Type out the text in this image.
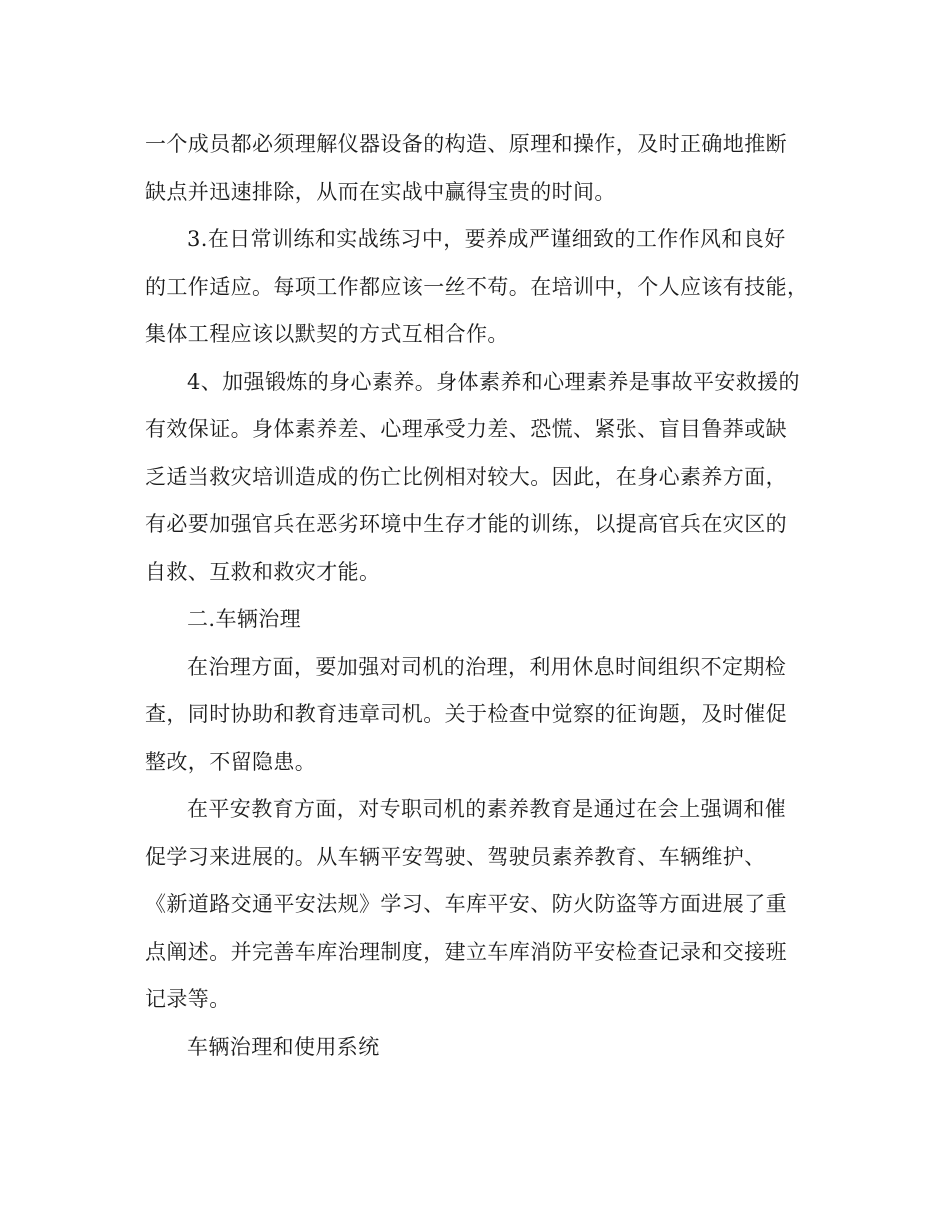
一个成员都必须理解仪器设备的构造、原理和操作，及时正确地推断
缺点并迅速排除，从而在实战中赢得宝贵的时间。
3.在日常训练和实战练习中，要养成严谨细致的工作作风和良好
的工作适应。每项工作都应该一丝不苟。在培训中，个人应该有技能，
集体工程应该以默契的方式互相合作。
4、加强锻炼的身心素养。身体素养和心理素养是事故平安救援的
有效保证。身体素养差、心理承受力差、恐慌、紧张、盲目鲁莽或缺
乏适当救灾培训造成的伤亡比例相对较大。因此，在身心素养方面，
有必要加强官兵在恶劣环境中生存才能的训练，以提高官兵在灾区的
自救、互救和救灾才能。
二.车辆治理
在治理方面，要加强对司机的治理，利用休息时间组织不定期检
查，同时协助和教育违章司机。关于检查中觉察的征询题，及时催促
整改，不留隐患。
在平安教育方面，对专职司机的素养教育是通过在会上强调和催
促学习来进展的。从车辆平安驾驶、驾驶员素养教育、车辆维护、
《新道路交通平安法规》学习、车库平安、防火防盗等方面进展了重
点阐述。并完善车库治理制度，建立车库消防平安检查记录和交接班
记录等。
车辆治理和使用系统
